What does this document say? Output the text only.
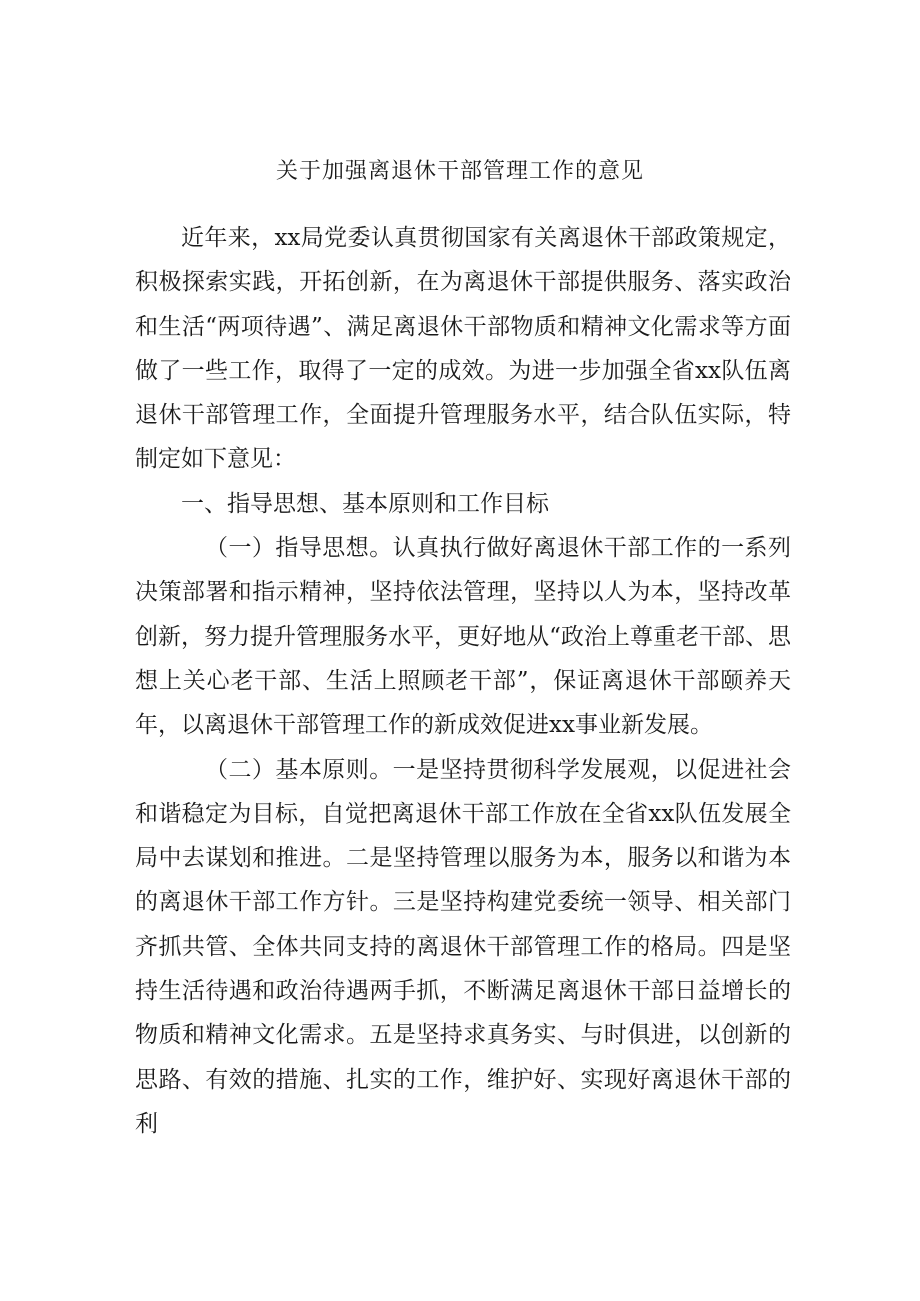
关于加强离退休干部管理工作的意见

近年来，xx局党委认真贯彻国家有关离退休干部政策规定，积极探索实践，开拓创新，在为离退休干部提供服务、落实政治和生活“两项待遇”、满足离退休干部物质和精神文化需求等方面做了一些工作，取得了一定的成效。为进一步加强全省xx队伍离退休干部管理工作，全面提升管理服务水平，结合队伍实际，特制定如下意见：

一、指导思想、基本原则和工作目标

（一）指导思想。认真执行做好离退休干部工作的一系列决策部署和指示精神，坚持依法管理，坚持以人为本，坚持改革创新，努力提升管理服务水平，更好地从“政治上尊重老干部、思想上关心老干部、生活上照顾老干部”，保证离退休干部颐养天年，以离退休干部管理工作的新成效促进xx事业新发展。

（二）基本原则。一是坚持贯彻科学发展观，以促进社会和谐稳定为目标，自觉把离退休干部工作放在全省xx队伍发展全局中去谋划和推进。二是坚持管理以服务为本，服务以和谐为本的离退休干部工作方针。三是坚持构建党委统一领导、相关部门齐抓共管、全体共同支持的离退休干部管理工作的格局。四是坚持生活待遇和政治待遇两手抓，不断满足离退休干部日益增长的物质和精神文化需求。五是坚持求真务实、与时俱进，以创新的思路、有效的措施、扎实的工作，维护好、实现好离退休干部的利
